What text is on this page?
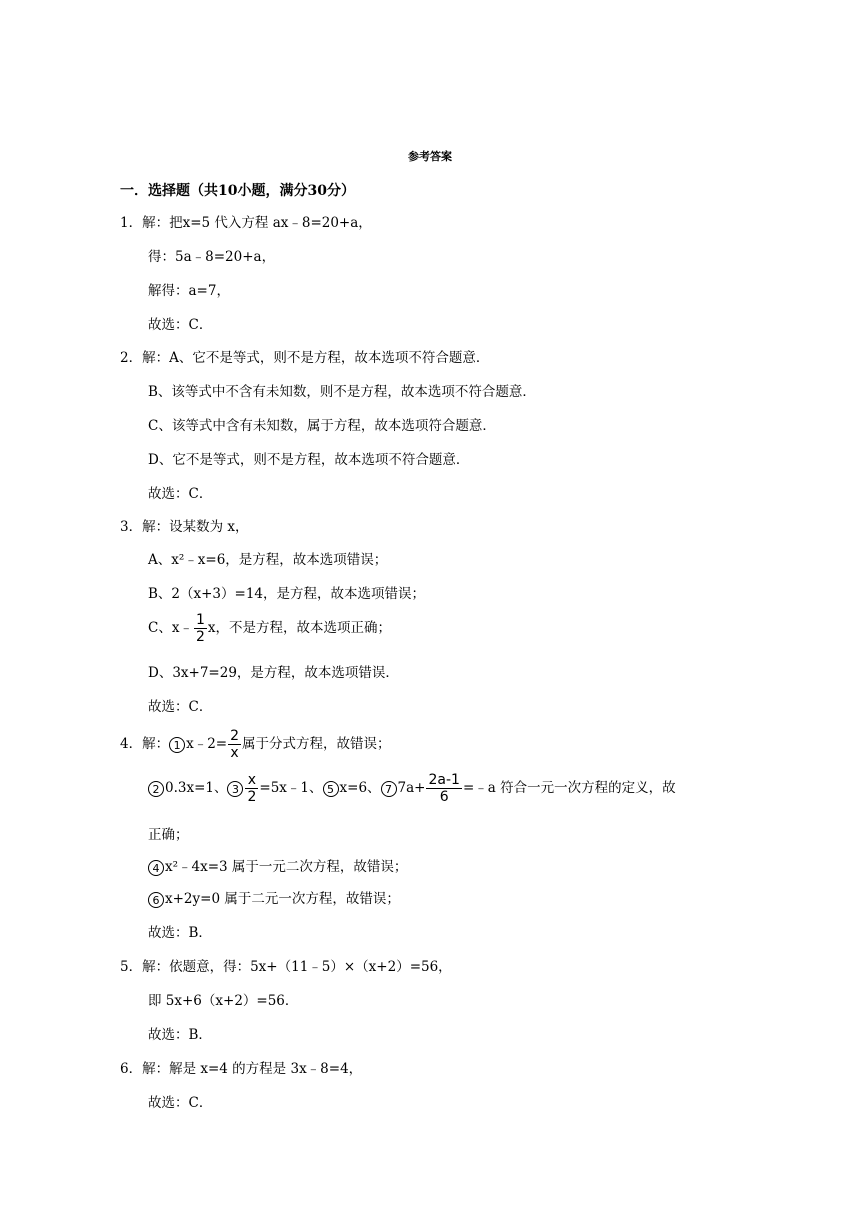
参考答案
一．选择题（共10小题，满分30分）
1．解：把x=5 代入方程 ax﹣8=20+a，
得：5a﹣8=20+a，
解得：a=7，
故选：C．
2．解：A、它不是等式，则不是方程，故本选项不符合题意．
B、该等式中不含有未知数，则不是方程，故本选项不符合题意．
C、该等式中含有未知数，属于方程，故本选项符合题意．
D、它不是等式，则不是方程，故本选项不符合题意．
故选：C．
3．解：设某数为 x，
A、x²﹣x=6，是方程，故本选项错误；
B、2（x+3）=14，是方程，故本选项错误；
C、x﹣ $\frac{1}{2}$ x，不是方程，故本选项正确；
D、3x+7=29，是方程，故本选项错误．
故选：C．
4．解： 1 x﹣2= $\frac{2}{x}$ 属于分式方程，故错误；
2 0.3x=1、 $3 \frac{x}{2}$ =5x﹣1、 5 x=6、 7 $7a+ \frac{2a-1}{6}$ =﹣a 符合一元一次方程的定义，故
正确；
4 x²﹣4x=3 属于一元二次方程，故错误；
6 x+2y=0 属于二元一次方程，故错误；
故选：B．
5．解：依题意，得：5x+（11﹣5）×（x+2）=56，
即 5x+6（x+2）=56．
故选：B．
6．解：解是 x=4 的方程是 3x﹣8=4，
故选：C．
